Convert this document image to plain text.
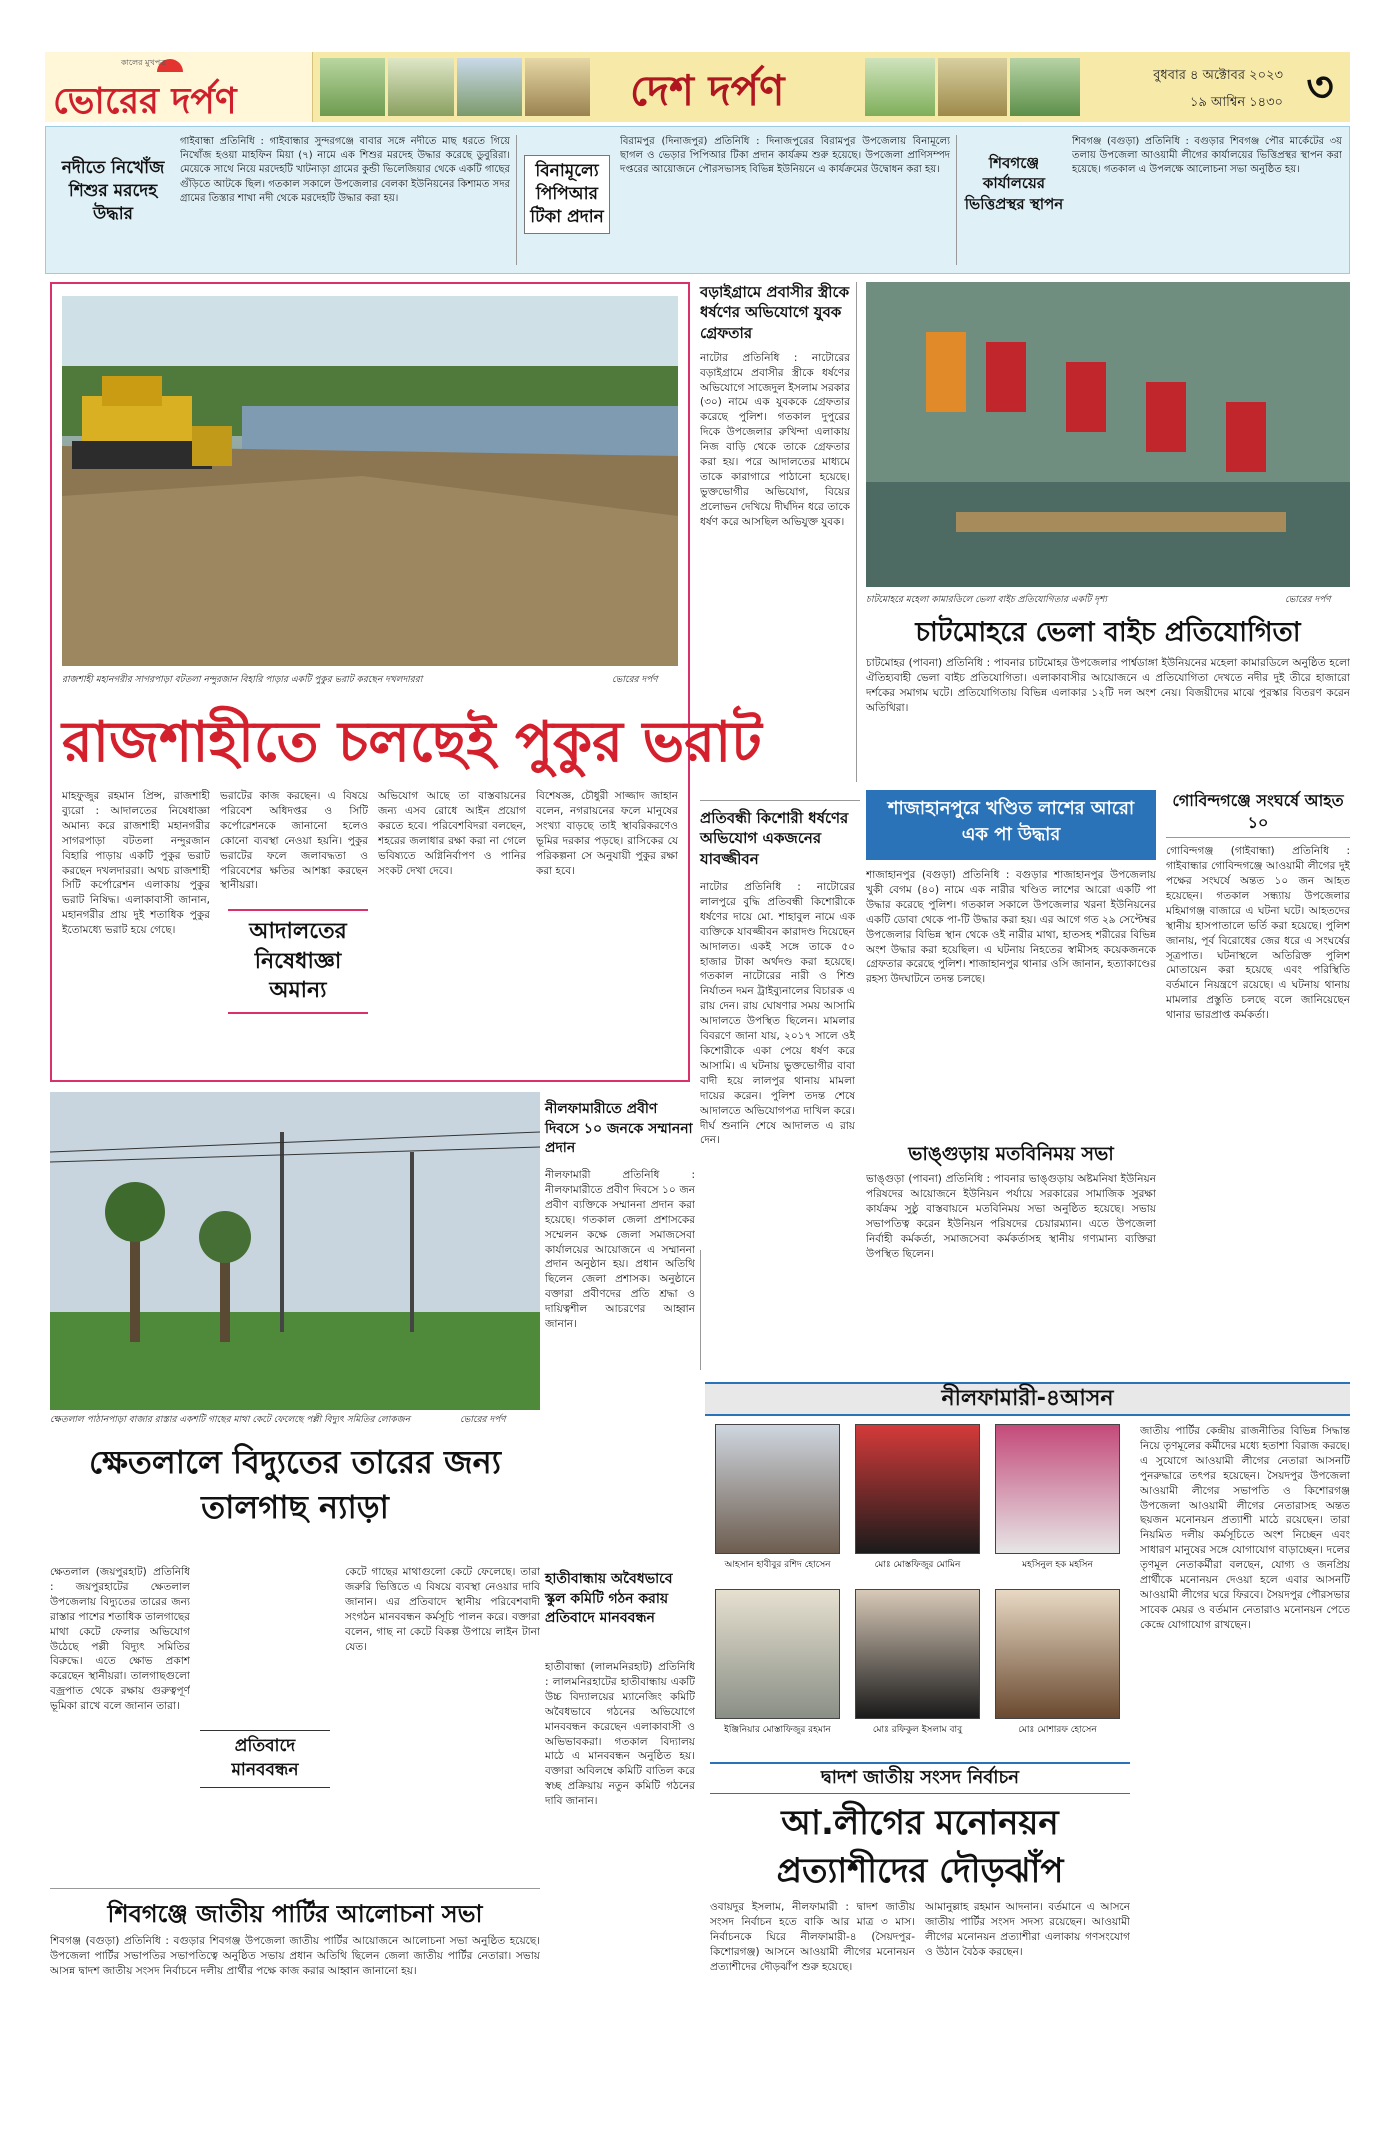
কালের মুখপত্র
ভোরের দর্পণ	দেশ দর্পণ	বুধবার ৪ অক্টোবর ২০২৩
১৯ আশ্বিন ১৪৩০ ৩
নদীতে নিখোঁজ শিশুর মরদেহ উদ্ধার
গাইবান্ধা প্রতিনিধি : গাইবান্ধার সুন্দরগঞ্জে বাবার সঙ্গে নদীতে মাছ ধরতে গিয়ে নিখোঁজ হওয়া মাহফিন মিয়া (৭) নামে এক শিশুর মরদেহ উদ্ধার করেছে ডুবুরিরা। মেয়েকে সাথে নিয়ে মরদেহটি খাটনাড়া গ্রামের কুন্ডী ভিলেজিয়ার থেকে একটি গাছের গুঁড়িতে আটকে ছিল। গতকাল সকালে উপজেলার বেলকা ইউনিয়নের কিশামত সদর গ্রামের তিস্তার শাখা নদী থেকে মরদেহটি উদ্ধার করা হয়।
বিনামূল্যে পিপিআর টিকা প্রদান
বিরামপুর (দিনাজপুর) প্রতিনিধি : দিনাজপুরের বিরামপুর উপজেলায় বিনামূল্যে ছাগল ও ভেড়ার পিপিআর টিকা প্রদান কার্যক্রম শুরু হয়েছে। উপজেলা প্রাণিসম্পদ দপ্তরের আয়োজনে পৌরসভাসহ বিভিন্ন ইউনিয়নে এ কার্যক্রমের উদ্বোধন করা হয়।	শিবগঞ্জে কার্যালয়ের ভিত্তিপ্রস্থর স্থাপন
শিবগঞ্জ (বগুড়া) প্রতিনিধি : বগুড়ার শিবগঞ্জ পৌর মার্কেটের ৩য় তলায় উপজেলা আওয়ামী লীগের কার্যালয়ের ভিত্তিপ্রস্থর স্থাপন করা হয়েছে। গতকাল এ উপলক্ষে আলোচনা সভা অনুষ্ঠিত হয়।
রাজশাহী মহানগরীর সাগরপাড়া বটতলা নন্দুরজান বিহারি পাড়ার একটি পুকুর ভরাট করছেন দখলদাররা	ভোরের দর্পণ
রাজশাহীতে চলছেই পুকুর ভরাট
মাহফুজুর রহমান প্রিন্স, রাজশাহী ব্যুরো : আদালতের নিষেধাজ্ঞা অমান্য করে রাজশাহী মহানগরীর সাগরপাড়া বটতলা নন্দুরজান বিহারি পাড়ায় একটি পুকুর ভরাট করছেন দখলদাররা। অথচ রাজশাহী সিটি কর্পোরেশন এলাকায় পুকুর ভরাট নিষিদ্ধ। এলাকাবাসী জানান, মহানগরীর প্রায় দুই শতাধিক পুকুর ইতোমধ্যে ভরাট হয়ে গেছে।
ভরাটের কাজ করছেন। এ বিষয়ে পরিবেশ অধিদপ্তর ও সিটি কর্পোরেশনকে জানানো হলেও কোনো ব্যবস্থা নেওয়া হয়নি। পুকুর ভরাটের ফলে জলাবদ্ধতা ও পরিবেশের ক্ষতির আশঙ্কা করছেন স্থানীয়রা।
অভিযোগ আছে তা বাস্তবায়নের জন্য এসব রোধে আইন প্রয়োগ করতে হবে। পরিবেশবিদরা বলছেন, শহরের জলাধার রক্ষা করা না গেলে ভবিষ্যতে অগ্নিনির্বাপণ ও পানির সংকট দেখা দেবে।
আদালতের নিষেধাজ্ঞা অমান্য
বিশেষজ্ঞ, চৌধুরী সাজ্জাদ জাহান বলেন, নগরায়নের ফলে মানুষের সংখ্যা বাড়ছে তাই স্থাবরিকরণেও ভূমির দরকার পড়ছে। রাসিকের যে পরিকল্পনা সে অনুযায়ী পুকুর রক্ষা করা হবে।
বড়াইগ্রামে প্রবাসীর স্ত্রীকে ধর্ষণের অভিযোগে যুবক গ্রেফতার
নাটোর প্রতিনিধি : নাটোরের বড়াইগ্রামে প্রবাসীর স্ত্রীকে ধর্ষণের অভিযোগে সাজেদুল ইসলাম সরকার (৩০) নামে এক যুবককে গ্রেফতার করেছে পুলিশ। গতকাল দুপুরের দিকে উপজেলার রুখিন্দা এলাকায় নিজ বাড়ি থেকে তাকে গ্রেফতার করা হয়। পরে আদালতের মাধ্যমে তাকে কারাগারে পাঠানো হয়েছে। ভুক্তভোগীর অভিযোগ, বিয়ের প্রলোভন দেখিয়ে দীর্ঘদিন ধরে তাকে ধর্ষণ করে আসছিল অভিযুক্ত যুবক।
চাটমোহরে মহেলা কামারডিলে ভেলা বাইচ প্রতিযোগিতার একটি দৃশ্য	ভোরের দর্পণ
চাটমোহরে ভেলা বাইচ প্রতিযোগিতা
চাটমোহর (পাবনা) প্রতিনিধি : পাবনার চাটমোহর উপজেলার পার্শ্বডাঙ্গা ইউনিয়নের মহেলা কামারডিলে অনুষ্ঠিত হলো ঐতিহ্যবাহী ভেলা বাইচ প্রতিযোগিতা। এলাকাবাসীর আয়োজনে এ প্রতিযোগিতা দেখতে নদীর দুই তীরে হাজারো দর্শকের সমাগম ঘটে। প্রতিযোগিতায় বিভিন্ন এলাকার ১২টি দল অংশ নেয়। বিজয়ীদের মাঝে পুরস্কার বিতরণ করেন অতিথিরা।
প্রতিবন্ধী কিশোরী ধর্ষণের অভিযোগ একজনের যাবজ্জীবন
নাটোর প্রতিনিধি : নাটোরের লালপুরে বুদ্ধি প্রতিবন্ধী কিশোরীকে ধর্ষণের দায়ে মো. শাহাবুল নামে এক ব্যক্তিকে যাবজ্জীবন কারাদণ্ড দিয়েছেন আদালত। একই সঙ্গে তাকে ৫০ হাজার টাকা অর্থদণ্ড করা হয়েছে। গতকাল নাটোরের নারী ও শিশু নির্যাতন দমন ট্রাইব্যুনালের বিচারক এ রায় দেন। রায় ঘোষণার সময় আসামি আদালতে উপস্থিত ছিলেন। মামলার বিবরণে জানা যায়, ২০১৭ সালে ওই কিশোরীকে একা পেয়ে ধর্ষণ করে আসামি। এ ঘটনায় ভুক্তভোগীর বাবা বাদী হয়ে লালপুর থানায় মামলা দায়ের করেন। পুলিশ তদন্ত শেষে আদালতে অভিযোগপত্র দাখিল করে। দীর্ঘ শুনানি শেষে আদালত এ রায় দেন।
শাজাহানপুরে খণ্ডিত লাশের আরো এক পা উদ্ধার
শাজাহানপুর (বগুড়া) প্রতিনিধি : বগুড়ার শাজাহানপুর উপজেলায় খুকী বেগম (৪০) নামে এক নারীর খণ্ডিত লাশের আরো একটি পা উদ্ধার করেছে পুলিশ। গতকাল সকালে উপজেলার খরনা ইউনিয়নের একটি ডোবা থেকে পা-টি উদ্ধার করা হয়। এর আগে গত ২৯ সেপ্টেম্বর উপজেলার বিভিন্ন স্থান থেকে ওই নারীর মাথা, হাতসহ শরীরের বিভিন্ন অংশ উদ্ধার করা হয়েছিল। এ ঘটনায় নিহতের স্বামীসহ কয়েকজনকে গ্রেফতার করেছে পুলিশ। শাজাহানপুর থানার ওসি জানান, হত্যাকাণ্ডের রহস্য উদঘাটনে তদন্ত চলছে।
গোবিন্দগঞ্জে সংঘর্ষে আহত ১০
গোবিন্দগঞ্জ (গাইবান্ধা) প্রতিনিধি : গাইবান্ধার গোবিন্দগঞ্জে আওয়ামী লীগের দুই পক্ষের সংঘর্ষে অন্তত ১০ জন আহত হয়েছেন। গতকাল সন্ধ্যায় উপজেলার মহিমাগঞ্জ বাজারে এ ঘটনা ঘটে। আহতদের স্থানীয় হাসপাতালে ভর্তি করা হয়েছে। পুলিশ জানায়, পূর্ব বিরোধের জের ধরে এ সংঘর্ষের সূত্রপাত। ঘটনাস্থলে অতিরিক্ত পুলিশ মোতায়েন করা হয়েছে এবং পরিস্থিতি বর্তমানে নিয়ন্ত্রণে রয়েছে। এ ঘটনায় থানায় মামলার প্রস্তুতি চলছে বলে জানিয়েছেন থানার ভারপ্রাপ্ত কর্মকর্তা।
ভাঙ্গুড়ায় মতবিনিময় সভা
ভাঙ্গুড়া (পাবনা) প্রতিনিধি : পাবনার ভাঙ্গুড়ায় অষ্টমনিষা ইউনিয়ন পরিষদের আয়োজনে ইউনিয়ন পর্যায়ে সরকারের সামাজিক সুরক্ষা কার্যক্রম সুষ্ঠু বাস্তবায়নে মতবিনিময় সভা অনুষ্ঠিত হয়েছে। সভায় সভাপতিত্ব করেন ইউনিয়ন পরিষদের চেয়ারম্যান। এতে উপজেলা নির্বাহী কর্মকর্তা, সমাজসেবা কর্মকর্তাসহ স্থানীয় গণ্যমান্য ব্যক্তিরা উপস্থিত ছিলেন।
ক্ষেতলাল পাঠানপাড়া বাজার রাস্তার একশটি গাছের মাথা কেটে ফেলেছে পল্লী বিদ্যুৎ সমিতির লোকজন	ভোরের দর্পণ
নীলফামারীতে প্রবীণ দিবসে ১০ জনকে সম্মাননা প্রদান
নীলফামারী প্রতিনিধি : নীলফামারীতে প্রবীণ দিবসে ১০ জন প্রবীণ ব্যক্তিকে সম্মাননা প্রদান করা হয়েছে। গতকাল জেলা প্রশাসকের সম্মেলন কক্ষে জেলা সমাজসেবা কার্যালয়ের আয়োজনে এ সম্মাননা প্রদান অনুষ্ঠান হয়। প্রধান অতিথি ছিলেন জেলা প্রশাসক। অনুষ্ঠানে বক্তারা প্রবীণদের প্রতি শ্রদ্ধা ও দায়িত্বশীল আচরণের আহ্বান জানান।
ক্ষেতলালে বিদ্যুতের তারের জন্য তালগাছ ন্যাড়া
ক্ষেতলাল (জয়পুরহাট) প্রতিনিধি : জয়পুরহাটের ক্ষেতলাল উপজেলায় বিদ্যুতের তারের জন্য রাস্তার পাশের শতাধিক তালগাছের মাথা কেটে ফেলার অভিযোগ উঠেছে পল্লী বিদ্যুৎ সমিতির বিরুদ্ধে। এতে ক্ষোভ প্রকাশ করেছেন স্থানীয়রা। তালগাছগুলো বজ্রপাত থেকে রক্ষায় গুরুত্বপূর্ণ ভূমিকা রাখে বলে জানান তারা।
প্রতিবাদে মানববন্ধন
কেটে গাছের মাথাগুলো কেটে ফেলেছে। তারা জরুরি ভিত্তিতে এ বিষয়ে ব্যবস্থা নেওয়ার দাবি জানান। এর প্রতিবাদে স্থানীয় পরিবেশবাদী সংগঠন মানববন্ধন কর্মসূচি পালন করে। বক্তারা বলেন, গাছ না কেটে বিকল্প উপায়ে লাইন টানা যেত।
হাতীবান্ধায় অবৈধভাবে স্কুল কমিটি গঠন করায় প্রতিবাদে মানববন্ধন
হাতীবান্ধা (লালমনিরহাট) প্রতিনিধি : লালমনিরহাটের হাতীবান্ধায় একটি উচ্চ বিদ্যালয়ের ম্যানেজিং কমিটি অবৈধভাবে গঠনের অভিযোগে মানববন্ধন করেছেন এলাকাবাসী ও অভিভাবকরা। গতকাল বিদ্যালয় মাঠে এ মানববন্ধন অনুষ্ঠিত হয়। বক্তারা অবিলম্বে কমিটি বাতিল করে স্বচ্ছ প্রক্রিয়ায় নতুন কমিটি গঠনের দাবি জানান।
শিবগঞ্জে জাতীয় পার্টির আলোচনা সভা
শিবগঞ্জ (বগুড়া) প্রতিনিধি : বগুড়ার শিবগঞ্জ উপজেলা জাতীয় পার্টির আয়োজনে আলোচনা সভা অনুষ্ঠিত হয়েছে। উপজেলা পার্টির সভাপতির সভাপতিত্বে অনুষ্ঠিত সভায় প্রধান অতিথি ছিলেন জেলা জাতীয় পার্টির নেতারা। সভায় আসন্ন দ্বাদশ জাতীয় সংসদ নির্বাচনে দলীয় প্রার্থীর পক্ষে কাজ করার আহ্বান জানানো হয়।
নীলফামারী-৪আসন
আহসান হাবীবুর রশিদ হোসেন	মোঃ মোস্তফিজুর মোমিন	মহসিনুল হক মহসিন
ইঞ্জিনিয়ার মোস্তাফিজুর রহমান	মোঃ রফিকুল ইসলাম বাবু	মোঃ মোশারফ হোসেন
জাতীয় পার্টির কেন্দ্রীয় রাজনীতির বিভিন্ন সিদ্ধান্ত নিয়ে তৃণমূলের কর্মীদের মধ্যে হতাশা বিরাজ করছে। এ সুযোগে আওয়ামী লীগের নেতারা আসনটি পুনরুদ্ধারে তৎপর হয়েছেন। সৈয়দপুর উপজেলা আওয়ামী লীগের সভাপতি ও কিশোরগঞ্জ উপজেলা আওয়ামী লীগের নেতারাসহ অন্তত ছয়জন মনোনয়ন প্রত্যাশী মাঠে রয়েছেন। তারা নিয়মিত দলীয় কর্মসূচিতে অংশ নিচ্ছেন এবং সাধারণ মানুষের সঙ্গে যোগাযোগ বাড়াচ্ছেন। দলের তৃণমূল নেতাকর্মীরা বলছেন, যোগ্য ও জনপ্রিয় প্রার্থীকে মনোনয়ন দেওয়া হলে এবার আসনটি আওয়ামী লীগের ঘরে ফিরবে। সৈয়দপুর পৌরসভার সাবেক মেয়র ও বর্তমান নেতারাও মনোনয়ন পেতে কেন্দ্রে যোগাযোগ রাখছেন।
দ্বাদশ জাতীয় সংসদ নির্বাচন
আ.লীগের মনোনয়ন প্রত্যাশীদের দৌড়ঝাঁপ
ওবায়দুর ইসলাম, নীলফামারী : দ্বাদশ জাতীয় সংসদ নির্বাচন হতে বাকি আর মাত্র ৩ মাস। নির্বাচনকে ঘিরে নীলফামারী-৪ (সৈয়দপুর-কিশোরগঞ্জ) আসনে আওয়ামী লীগের মনোনয়ন প্রত্যাশীদের দৌড়ঝাঁপ শুরু হয়েছে।
আমানুল্লাহ রহমান আদনান। বর্তমানে এ আসনে জাতীয় পার্টির সংসদ সদস্য রয়েছেন। আওয়ামী লীগের মনোনয়ন প্রত্যাশীরা এলাকায় গণসংযোগ ও উঠান বৈঠক করছেন।
